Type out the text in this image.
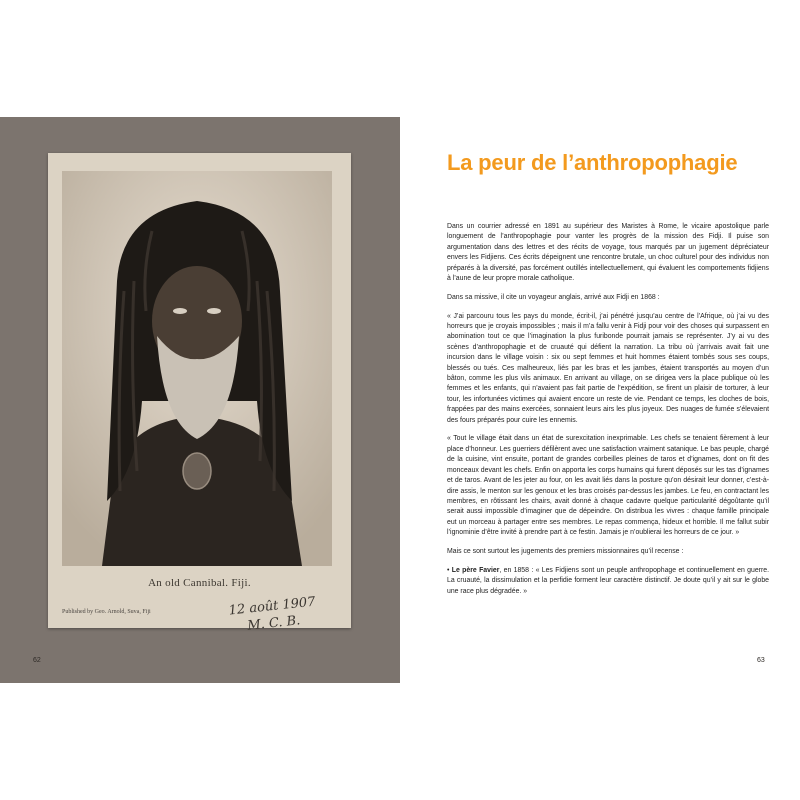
An old Cannibal. Fiji.
Published by Geo. Arnold, Suva, Fiji	12 août 1907
M. C. B.
62
La peur de l’anthropophagie

Dans un courrier adressé en 1891 au supérieur des Maristes à Rome, le vicaire apostolique parle longuement de l’anthropophagie pour vanter les progrès de la mission des Fidji. Il puise son argumentation dans des lettres et des récits de voyage, tous marqués par un jugement dépréciateur envers les Fidjiens. Ces écrits dépeignent une rencontre brutale, un choc culturel pour des individus non préparés à la diversité, pas forcément outillés intellectuellement, qui évaluent les comportements fidjiens à l’aune de leur propre morale catholique.

Dans sa missive, il cite un voyageur anglais, arrivé aux Fidji en 1868 :

« J’ai parcouru tous les pays du monde, écrit-il, j’ai pénétré jusqu’au centre de l’Afrique, où j’ai vu des horreurs que je croyais impossibles ; mais il m’a fallu venir à Fidji pour voir des choses qui surpassent en abomination tout ce que l’imagination la plus furibonde pourrait jamais se représenter. J’y ai vu des scènes d’anthropophagie et de cruauté qui défient la narration. La tribu où j’arrivais avait fait une incursion dans le village voisin : six ou sept femmes et huit hommes étaient tombés sous ses coups, blessés ou tués. Ces malheureux, liés par les bras et les jambes, étaient transportés au moyen d’un bâton, comme les plus vils animaux. En arrivant au village, on se dirigea vers la place publique où les femmes et les enfants, qui n’avaient pas fait partie de l’expédition, se firent un plaisir de torturer, à leur tour, les infortunées victimes qui avaient encore un reste de vie. Pendant ce temps, les cloches de bois, frappées par des mains exercées, sonnaient leurs airs les plus joyeux. Des nuages de fumée s’élevaient des fours préparés pour cuire les ennemis.

« Tout le village était dans un état de surexcitation inexprimable. Les chefs se tenaient fièrement à leur place d’honneur. Les guerriers défilèrent avec une satisfaction vraiment satanique. Le bas peuple, chargé de la cuisine, vint ensuite, portant de grandes corbeilles pleines de taros et d’ignames, dont on fit des monceaux devant les chefs. Enfin on apporta les corps humains qui furent déposés sur les tas d’ignames et de taros. Avant de les jeter au four, on les avait liés dans la posture qu’on désirait leur donner, c’est-à-dire assis, le menton sur les genoux et les bras croisés par-dessus les jambes. Le feu, en contractant les membres, en rôtissant les chairs, avait donné à chaque cadavre quelque particularité dégoûtante qu’il serait aussi impossible d’imaginer que de dépeindre. On distribua les vivres : chaque famille principale eut un morceau à partager entre ses membres. Le repas commença, hideux et horrible. Il me fallut subir l’ignominie d’être invité à prendre part à ce festin. Jamais je n’oublierai les horreurs de ce jour. »

Mais ce sont surtout les jugements des premiers missionnaires qu’il recense :

• Le père Favier, en 1858 : « Les Fidjiens sont un peuple anthropophage et continuellement en guerre. La cruauté, la dissimulation et la perfidie forment leur caractère distinctif. Je doute qu’il y ait sur le globe une race plus dégradée. »

63
